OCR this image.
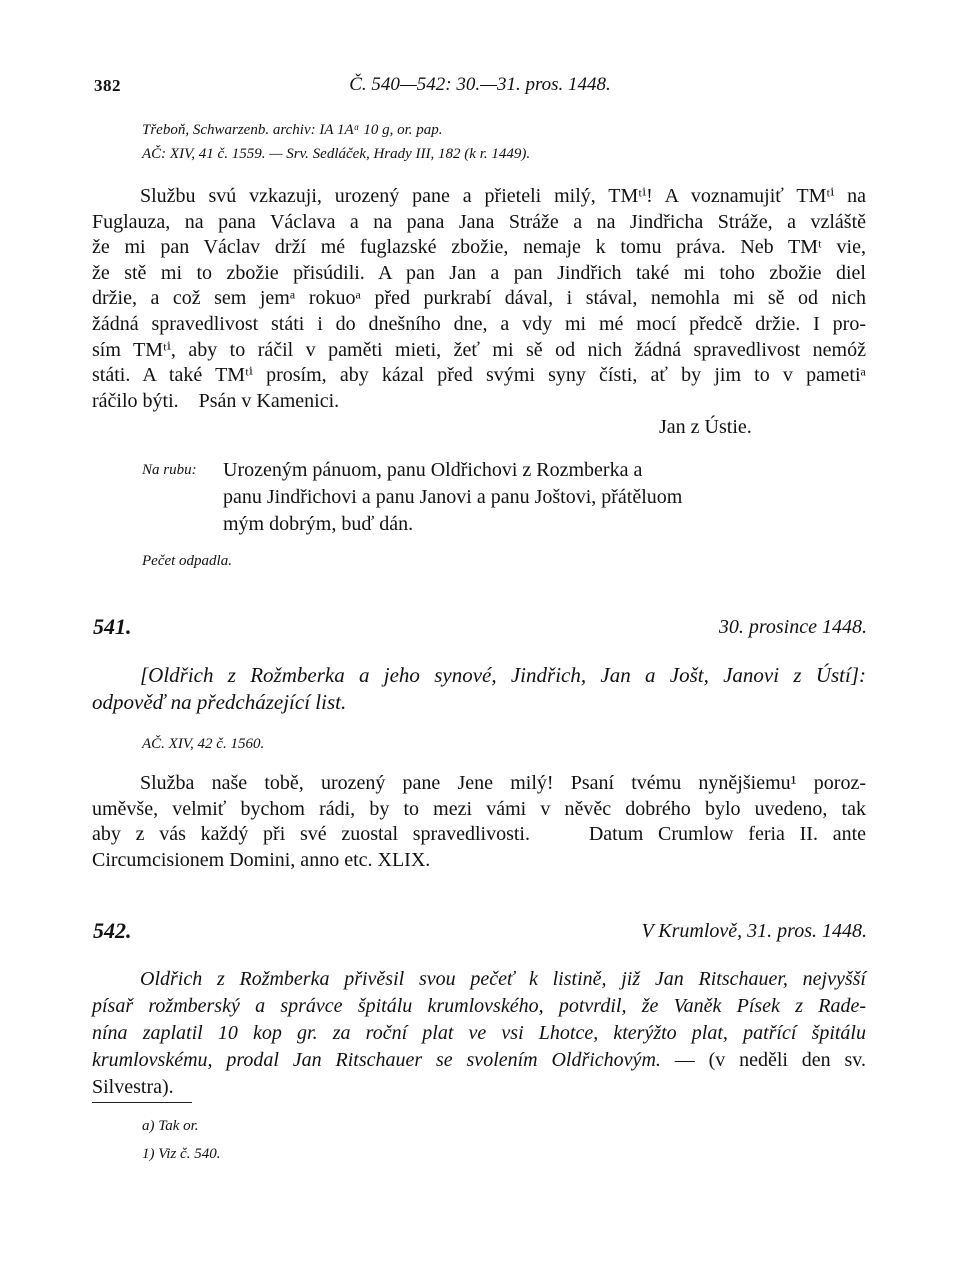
382	Č. 540—542: 30.—31. pros. 1448.
Třeboň, Schwarzenb. archiv: IA 1Aᵅ 10 g, or. pap.
AČ: XIV, 41 č. 1559. — Srv. Sedláček, Hrady III, 182 (k r. 1449).
Službu svú vzkazuji, urozený pane a přieteli milý, TMᵗⁱ! A voznamujiť TMᵗⁱ na
Fuglauza, na pana Václava a na pana Jana Stráže a na Jindřicha Stráže, a vzláště
že mi pan Václav drží mé fuglazské zbožie, nemaje k tomu práva. Neb TMᵗ vie,
že stě mi to zbožie přisúdili. A pan Jan a pan Jindřich také mi toho zbožie diel
držie, a což sem jemᵃ rokuoᵃ před purkrabí dával, i stával, nemohla mi sě od nich
žádná spravedlivost státi i do dnešního dne, a vdy mi mé mocí předcě držie. I pro-
sím TMᵗⁱ, aby to ráčil v paměti mieti, žeť mi sě od nich žádná spravedlivost nemóž
státi. A také TMᵗⁱ prosím, aby kázal před svými syny čísti, ať by jim to v pametiᵃ
ráčilo býti.    Psán v Kamenici.
Jan z Ústie.
Na rubu: Urozeným pánuom, panu Oldřichovi z Rozmberka a
panu Jindřichovi a panu Janovi a panu Joštovi, přátěluom
mým dobrým, buď dán.
Pečet odpadla.
541.	30. prosince 1448.
[Oldřich z Rožmberka a jeho synové, Jindřich, Jan a Jošt, Janovi z Ústí]:
odpověď na předcházející list.
AČ. XIV, 42 č. 1560.
Služba naše tobě, urozený pane Jene milý! Psaní tvému nynějšiemu¹ poroz-
uměvše, velmiť bychom rádi, by to mezi vámi v něvěc dobrého bylo uvedeno, tak
aby z vás každý při své zuostal spravedlivosti.    Datum Crumlow feria II. ante
Circumcisionem Domini, anno etc. XLIX.
542.	V Krumlově, 31. pros. 1448.
Oldřich z Rožmberka přivěsil svou pečeť k listině, již Jan Ritschauer, nejvyšší
písař rožmberský a správce špitálu krumlovského, potvrdil, že Vaněk Písek z Rade-
nína zaplatil 10 kop gr. za roční plat ve vsi Lhotce, kterýžto plat, patřící špitálu
krumlovskému, prodal Jan Ritschauer se svolením Oldřichovým. — (v neděli den sv.
Silvestra).
a) Tak or.
1) Viz č. 540.
